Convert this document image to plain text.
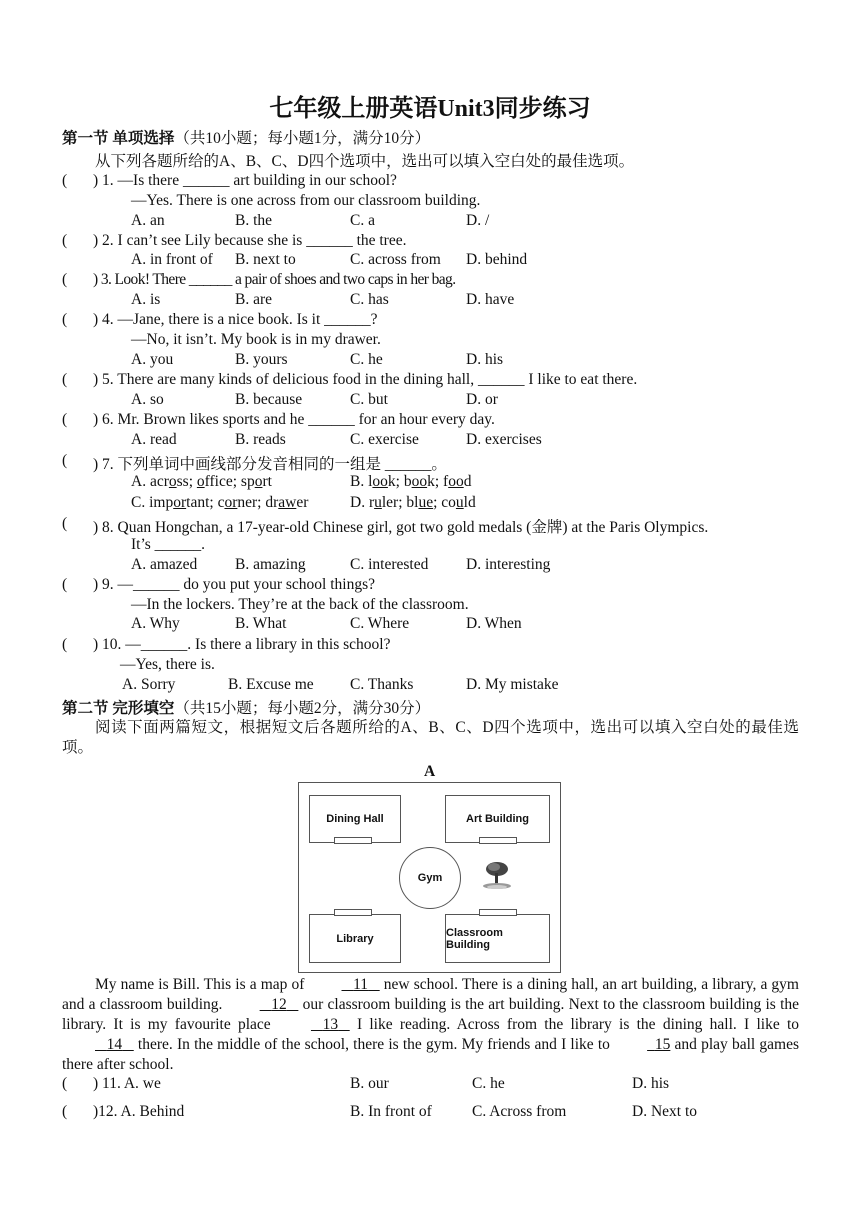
七年级上册英语Unit3同步练习
第一节 单项选择（共10小题；每小题1分，满分10分）
从下列各题所给的A、B、C、D四个选项中，选出可以填入空白处的最佳选项。
( ) 1. —Is there ______ art building in our school?
—Yes. There is one across from our classroom building.
A. an	B. the	C. a	D. /
( ) 2. I can’t see Lily because she is ______ the tree.
A. in front of B. next to	C. across from D. behind
( ) 3. Look! There ______ a pair of shoes and two caps in her bag.
A. is	B. are	C. has	D. have
( ) 4. —Jane, there is a nice book. Is it ______?
—No, it isn’t. My book is in my drawer.
A. you	B. yours	C. he	D. his
( ) 5. There are many kinds of delicious food in the dining hall, ______ I like to eat there.
A. so	B. because	C. but	D. or
( ) 6. Mr. Brown likes sports and he ______ for an hour every day.
A. read	B. reads	C. exercise	D. exercises
( ) 7. 下列单词中画线部分发音相同的一组是 ______。
A. across; office; sport	B. look; book; food
C. important; corner; drawer	D. ruler; blue; could
( ) 8. Quan Hongchan, a 17-year-old Chinese girl, got two gold medals (金牌) at the Paris Olympics.
It’s ______.
A. amazed B. amazing	C. interested D. interesting
( ) 9. —______ do you put your school things?
—In the lockers. They’re at the back of the classroom.
A. Why	B. What	C. Where	D. When
( ) 10. —______. Is there a library in this school?
—Yes, there is.
A. Sorry	B. Excuse me C. Thanks	D. My mistake
第二节 完形填空（共15小题；每小题2分，满分30分）
阅读下面两篇短文，根据短文后各题所给的A、B、C、D四个选项中，选出可以填入空白处的最佳选项。
A
Dining Hall	Art Building
Gym
Library	Classroom Building
My name is Bill. This is a map of	11    new school. There is a dining hall, an art building, a library, a gym and a classroom building.	12    our classroom building is the art building. Next to the classroom building is the library. It is my favourite place	13    I like reading. Across from the library is the dining hall. I like to    14    there. In the middle of the school, there is the gym. My friends and I like to	15 and play ball games there after school.
( ) 11. A. we	B. our	C. he	D. his
( )12. A. Behind	B. In front of	C. Across from	D. Next to
